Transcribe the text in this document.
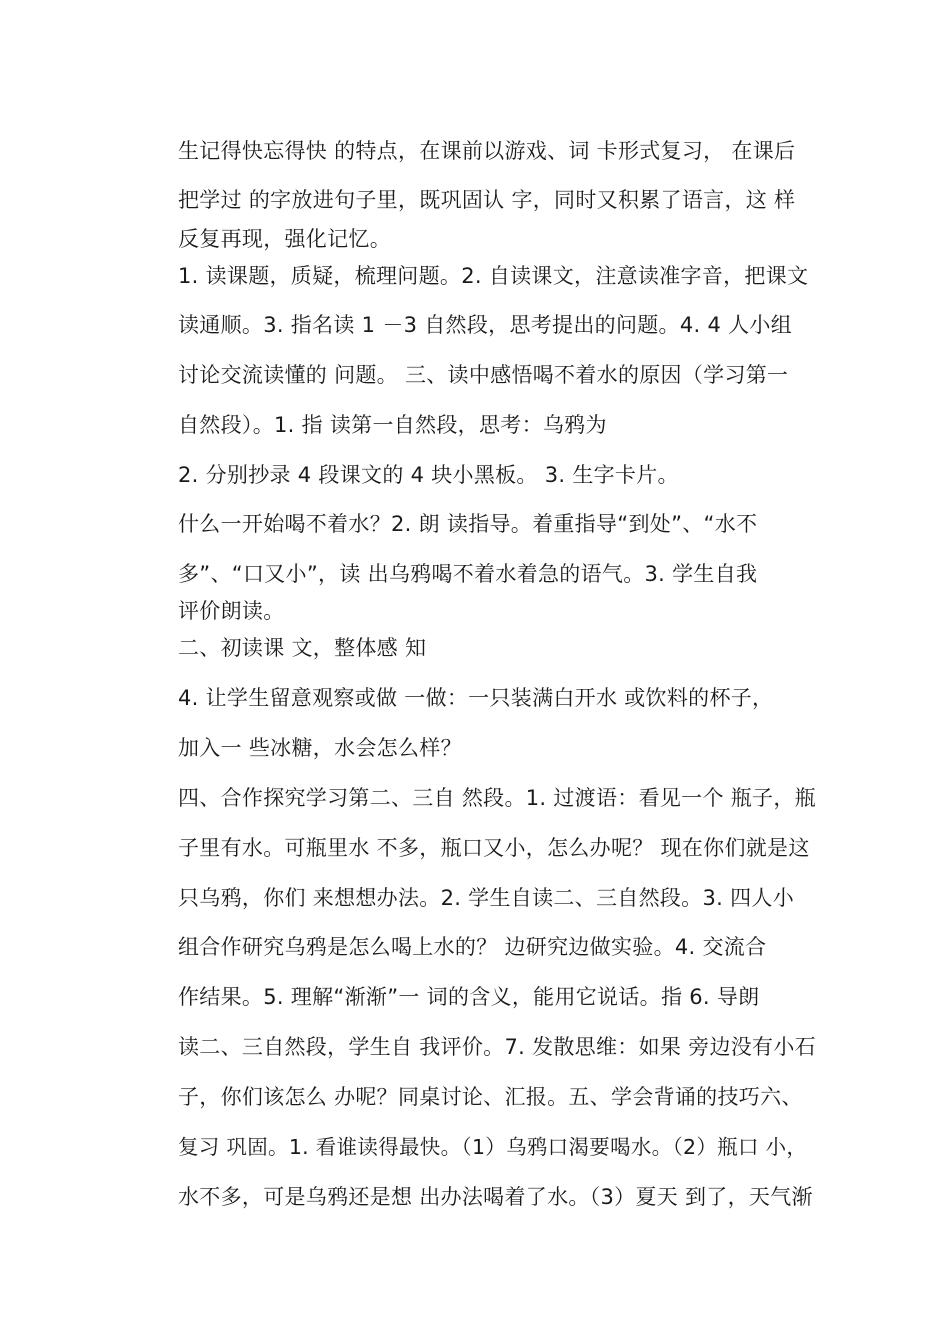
生记得快忘得快 的特点，在课前以游戏、词 卡形式复习， 在课后
把学过 的字放进句子里，既巩固认 字，同时又积累了语言，这 样
反复再现，强化记忆。
1. 读课题，质疑，梳理问题。2. 自读课文，注意读准字音，把课文
读通顺。3. 指名读 1 －3 自然段，思考提出的问题。4. 4 人小组
讨论交流读懂的 问题。 三、读中感悟喝不着水的原因（学习第一
自然段）。1. 指 读第一自然段，思考：乌鸦为
2. 分别抄录 4 段课文的 4 块小黑板。 3. 生字卡片。
什么一开始喝不着水？2. 朗 读指导。着重指导“到处”、“水不
多”、“口又小”，读 出乌鸦喝不着水着急的语气。3. 学生自我
评价朗读。
二、初读课 文，整体感 知
4. 让学生留意观察或做 一做：一只装满白开水 或饮料的杯子，
加入一 些冰糖，水会怎么样？
四、合作探究学习第二、三自 然段。1. 过渡语：看见一个 瓶子，瓶
子里有水。可瓶里水 不多，瓶口又小，怎么办呢？ 现在你们就是这
只乌鸦，你们 来想想办法。2. 学生自读二、三自然段。3. 四人小
组合作研究乌鸦是怎么喝上水的？ 边研究边做实验。4. 交流合
作结果。5. 理解“渐渐”一 词的含义，能用它说话。指 6. 导朗
读二、三自然段，学生自 我评价。7. 发散思维：如果 旁边没有小石
子，你们该怎么 办呢？同桌讨论、汇报。五、学会背诵的技巧六、
复习 巩固。1. 看谁读得最快。（1）乌鸦口渴要喝水。（2）瓶口 小，
水不多，可是乌鸦还是想 出办法喝着了水。（3）夏天 到了，天气渐
